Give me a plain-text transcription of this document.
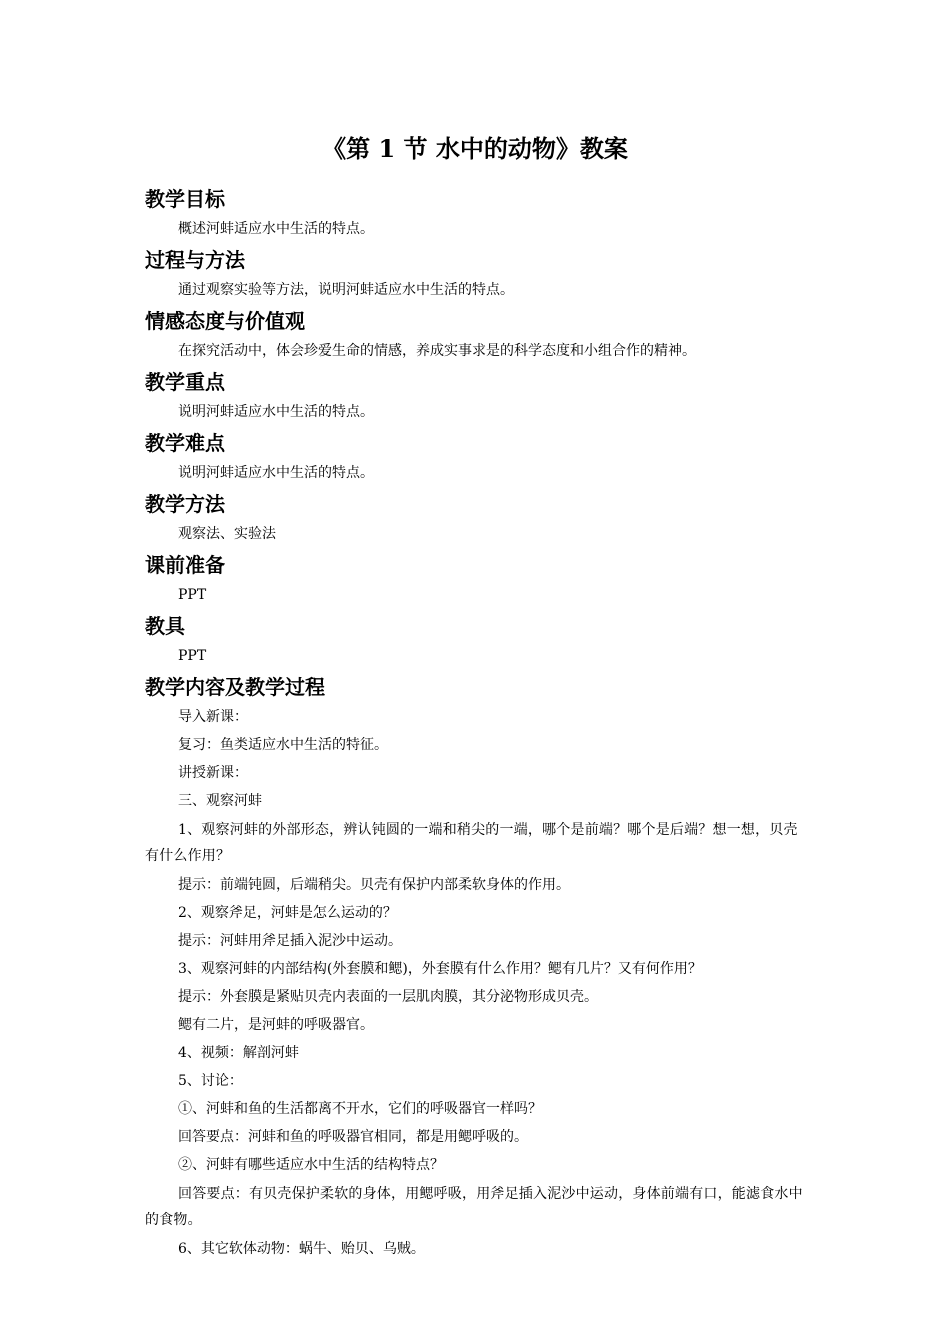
《第 1 节 水中的动物》教案
教学目标
概述河蚌适应水中生活的特点。
过程与方法
通过观察实验等方法，说明河蚌适应水中生活的特点。
情感态度与价值观
在探究活动中，体会珍爱生命的情感，养成实事求是的科学态度和小组合作的精神。
教学重点
说明河蚌适应水中生活的特点。
教学难点
说明河蚌适应水中生活的特点。
教学方法
观察法、实验法
课前准备
PPT
教具
PPT
教学内容及教学过程
导入新课：
复习：鱼类适应水中生活的特征。
讲授新课：
三、观察河蚌
1、观察河蚌的外部形态，辨认钝圆的一端和稍尖的一端，哪个是前端？哪个是后端？想一想，贝壳有什么作用？
提示：前端钝圆，后端稍尖。贝壳有保护内部柔软身体的作用。
2、观察斧足，河蚌是怎么运动的？
提示：河蚌用斧足插入泥沙中运动。
3、观察河蚌的内部结构(外套膜和鳃)，外套膜有什么作用？鳃有几片？又有何作用？
提示：外套膜是紧贴贝壳内表面的一层肌肉膜，其分泌物形成贝壳。
鳃有二片，是河蚌的呼吸器官。
4、视频：解剖河蚌
5、讨论：
①、河蚌和鱼的生活都离不开水，它们的呼吸器官一样吗？
回答要点：河蚌和鱼的呼吸器官相同，都是用鳃呼吸的。
②、河蚌有哪些适应水中生活的结构特点？
回答要点：有贝壳保护柔软的身体，用鳃呼吸，用斧足插入泥沙中运动，身体前端有口，能滤食水中的食物。
6、其它软体动物：蜗牛、贻贝、乌贼。
